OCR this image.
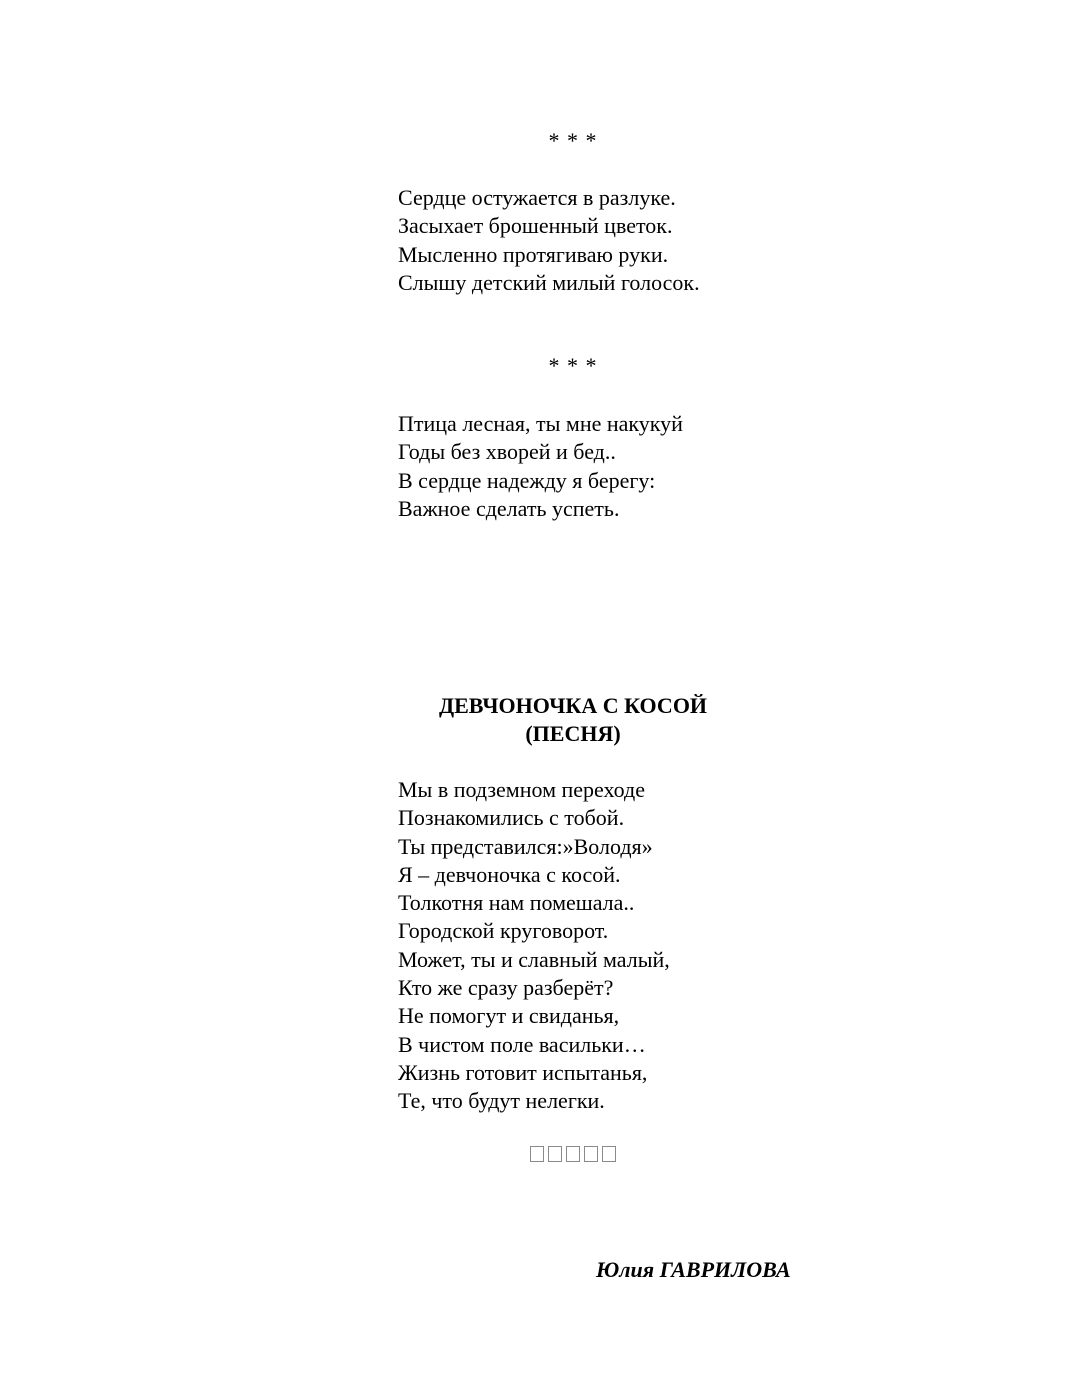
* * *
Сердце остужается в разлуке.
Засыхает брошенный цветок.
Мысленно протягиваю руки.
Слышу детский милый голосок.
* * *
Птица лесная, ты мне накукуй
Годы без хворей и бед..
В сердце надежду я берегу:
Важное сделать успеть.
ДЕВЧОНОЧКА С КОСОЙ
(ПЕСНЯ)
Мы в подземном переходе
Познакомились с тобой.
Ты представился:»Володя»
Я – девчоночка с косой.
Толкотня нам помешала..
Городской круговорот.
Может, ты и славный малый,
Кто же сразу разберёт?
Не помогут и свиданья,
В чистом поле васильки…
Жизнь готовит испытанья,
Те, что будут нелегки.
Юлия ГАВРИЛОВА
